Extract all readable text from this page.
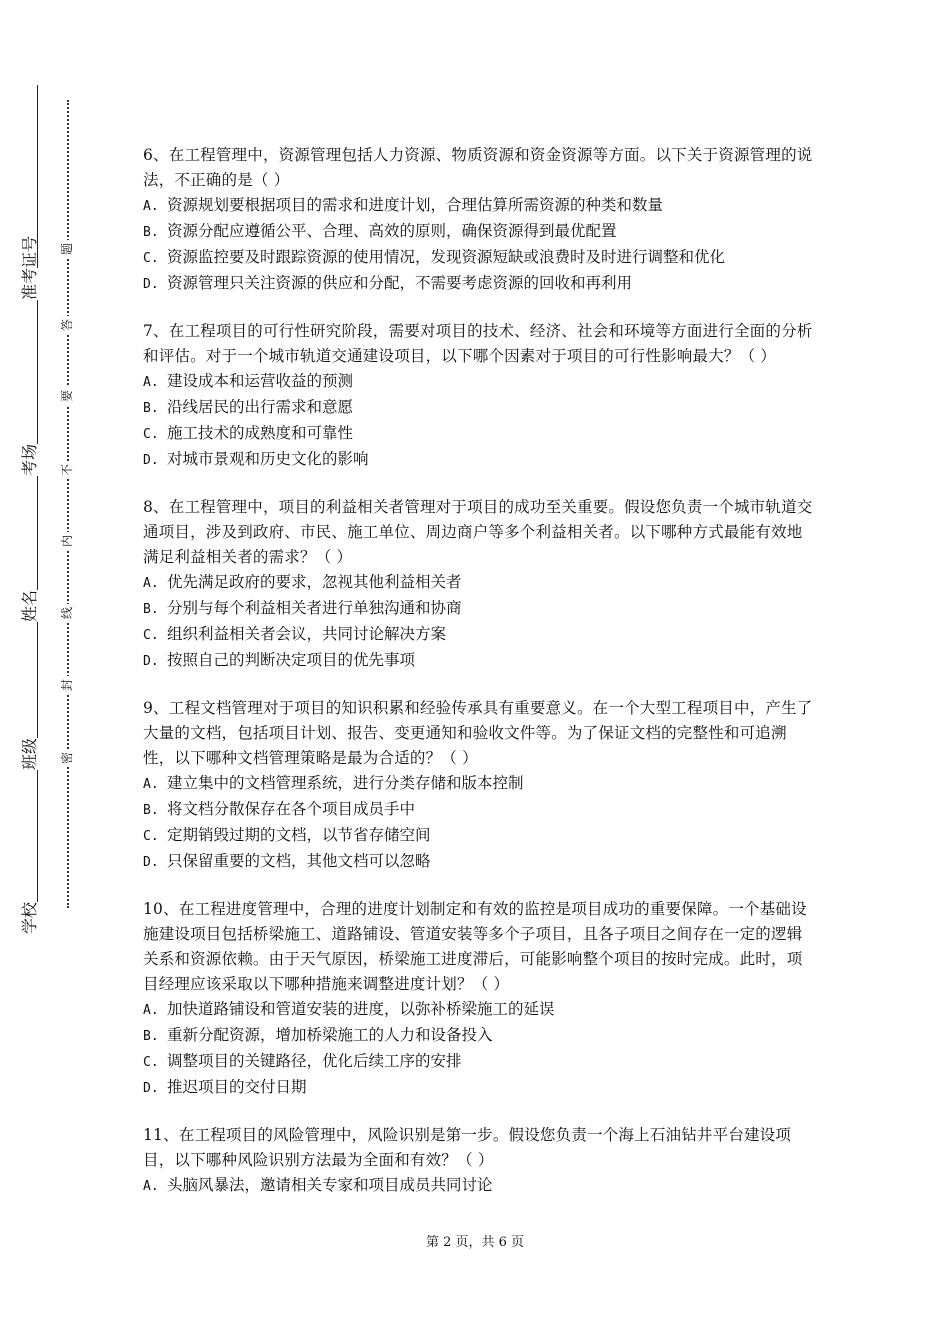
准考证号
考场
姓名
班级
学校
题
答
要
不
内
线
封
密

6、在工程管理中，资源管理包括人力资源、物质资源和资金资源等方面。以下关于资源管理的说法，不正确的是（ ）

A. 资源规划要根据项目的需求和进度计划，合理估算所需资源的种类和数量
B. 资源分配应遵循公平、合理、高效的原则，确保资源得到最优配置
C. 资源监控要及时跟踪资源的使用情况，发现资源短缺或浪费时及时进行调整和优化
D. 资源管理只关注资源的供应和分配，不需要考虑资源的回收和再利用

7、在工程项目的可行性研究阶段，需要对项目的技术、经济、社会和环境等方面进行全面的分析和评估。对于一个城市轨道交通建设项目，以下哪个因素对于项目的可行性影响最大？（ ）

A. 建设成本和运营收益的预测
B. 沿线居民的出行需求和意愿
C. 施工技术的成熟度和可靠性
D. 对城市景观和历史文化的影响

8、在工程管理中，项目的利益相关者管理对于项目的成功至关重要。假设您负责一个城市轨道交通项目，涉及到政府、市民、施工单位、周边商户等多个利益相关者。以下哪种方式最能有效地满足利益相关者的需求？（ ）

A. 优先满足政府的要求，忽视其他利益相关者
B. 分别与每个利益相关者进行单独沟通和协商
C. 组织利益相关者会议，共同讨论解决方案
D. 按照自己的判断决定项目的优先事项

9、工程文档管理对于项目的知识积累和经验传承具有重要意义。在一个大型工程项目中，产生了大量的文档，包括项目计划、报告、变更通知和验收文件等。为了保证文档的完整性和可追溯性，以下哪种文档管理策略是最为合适的？（ ）

A. 建立集中的文档管理系统，进行分类存储和版本控制
B. 将文档分散保存在各个项目成员手中
C. 定期销毁过期的文档，以节省存储空间
D. 只保留重要的文档，其他文档可以忽略

10、在工程进度管理中，合理的进度计划制定和有效的监控是项目成功的重要保障。一个基础设施建设项目包括桥梁施工、道路铺设、管道安装等多个子项目，且各子项目之间存在一定的逻辑关系和资源依赖。由于天气原因，桥梁施工进度滞后，可能影响整个项目的按时完成。此时，项目经理应该采取以下哪种措施来调整进度计划？（ ）

A. 加快道路铺设和管道安装的进度，以弥补桥梁施工的延误
B. 重新分配资源，增加桥梁施工的人力和设备投入
C. 调整项目的关键路径，优化后续工序的安排
D. 推迟项目的交付日期

11、在工程项目的风险管理中，风险识别是第一步。假设您负责一个海上石油钻井平台建设项目，以下哪种风险识别方法最为全面和有效？（ ）

A. 头脑风暴法，邀请相关专家和项目成员共同讨论
第 2 页，共 6 页
